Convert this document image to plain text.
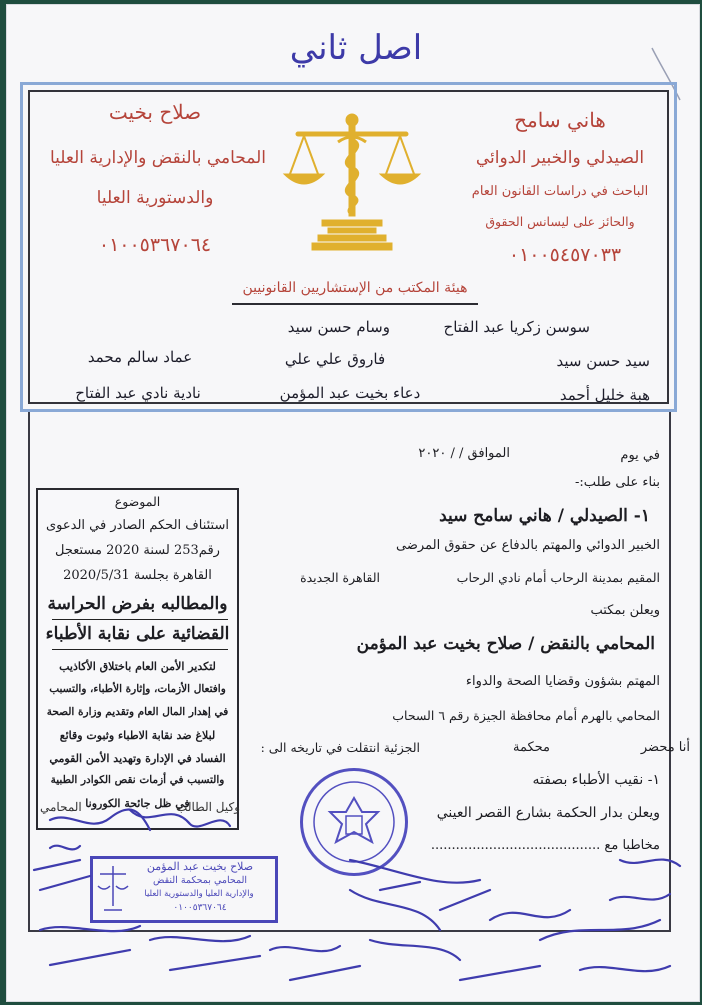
اصل ثاني
هاني سامح
الصيدلي والخبير الدوائي
الباحث في دراسات القانون العام
والحائز على ليسانس الحقوق
٠١٠٠٥٤٥٧٠٣٣
صلاح بخيت
المحامي بالنقض والإدارية العليا
والدستورية العليا
٠١٠٠٥٣٦٧٠٦٤
هيئة المكتب من الإستشاريين القانونيين
سوسن زكريا عبد الفتاح
وسام حسن سيد
سيد حسن سيد
فاروق علي علي
عماد سالم محمد
هبة خليل أحمد
دعاء بخيت عبد المؤمن
نادية نادي عبد الفتاح
الموضوع
استئناف الحكم الصادر في الدعوى
رقم253 لسنة 2020 مستعجل
القاهرة بجلسة 2020/5/31
والمطالبه بفرض الحراسة
القضائية على نقابة الأطباء
لتكدير الأمن العام باختلاق الأكاذيب
وافتعال الأزمات، وإثارة الأطباء، والتسبب
في إهدار المال العام وتقديم وزارة الصحة
لبلاغ ضد نقابة الاطباء وثبوت وقائع
الفساد في الإدارة وتهديد الأمن القومي
والتسبب في أزمات نقص الكوادر الطبية
في ظل جائحة الكورونا
وكيل الطالب
المحامي
في يوم
الموافق / / ٢٠٢٠
بناء على طلب:-
١- الصيدلي / هاني سامح سيد
الخبير الدوائي والمهتم بالدفاع عن حقوق المرضى
المقيم بمدينة الرحاب أمام نادي الرحاب
القاهرة الجديدة
ويعلن بمكتب
المحامي بالنقض / صلاح بخيت عبد المؤمن
المهتم بشؤون وقضايا الصحة والدواء
المحامي بالهرم أمام محافظة الجيزة رقم ٦ السحاب
أنا محضر
محكمة
الجزئية انتقلت في تاريخه الى :
١- نقيب الأطباء بصفته
ويعلن بدار الحكمة بشارع القصر العيني
مخاطبا مع .........................................
صلاح بخيت عبد المؤمن
المحامي بمحكمة النقض
والإدارية العليا والدستورية العليا
٠١٠٠٥٣٦٧٠٦٤
